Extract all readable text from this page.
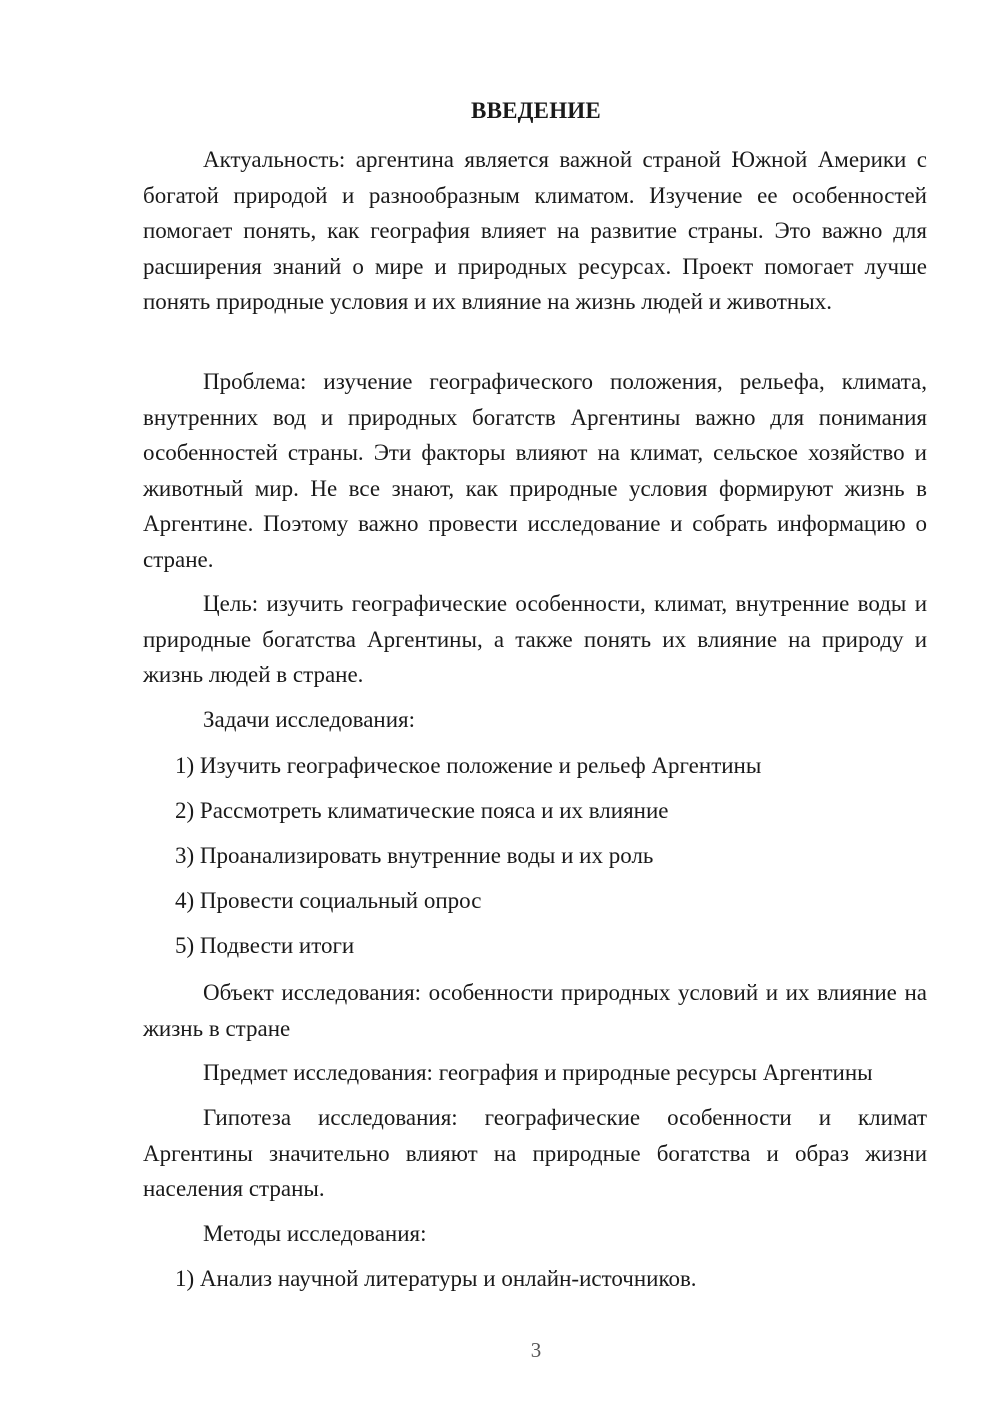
ВВЕДЕНИЕ

Актуальность: аргентина является важной страной Южной Америки с богатой природой и разнообразным климатом. Изучение ее особенностей помогает понять, как география влияет на развитие страны. Это важно для расширения знаний о мире и природных ресурсах. Проект помогает лучше понять природные условия и их влияние на жизнь людей и животных.

Проблема: изучение географического положения, рельефа, климата, внутренних вод и природных богатств Аргентины важно для понимания особенностей страны. Эти факторы влияют на климат, сельское хозяйство и животный мир. Не все знают, как природные условия формируют жизнь в Аргентине. Поэтому важно провести исследование и собрать информацию о стране.

Цель: изучить географические особенности, климат, внутренние воды и природные богатства Аргентины, а также понять их влияние на природу и жизнь людей в стране.

Задачи исследования:

1) Изучить географическое положение и рельеф Аргентины

2) Рассмотреть климатические пояса и их влияние

3) Проанализировать внутренние воды и их роль

4) Провести социальный опрос

5) Подвести итоги

Объект исследования: особенности природных условий и их влияние на жизнь в стране

Предмет исследования: география и природные ресурсы Аргентины

Гипотеза исследования: географические особенности и климат Аргентины значительно влияют на природные богатства и образ жизни населения страны.

Методы исследования:

1) Анализ научной литературы и онлайн-источников.

3
